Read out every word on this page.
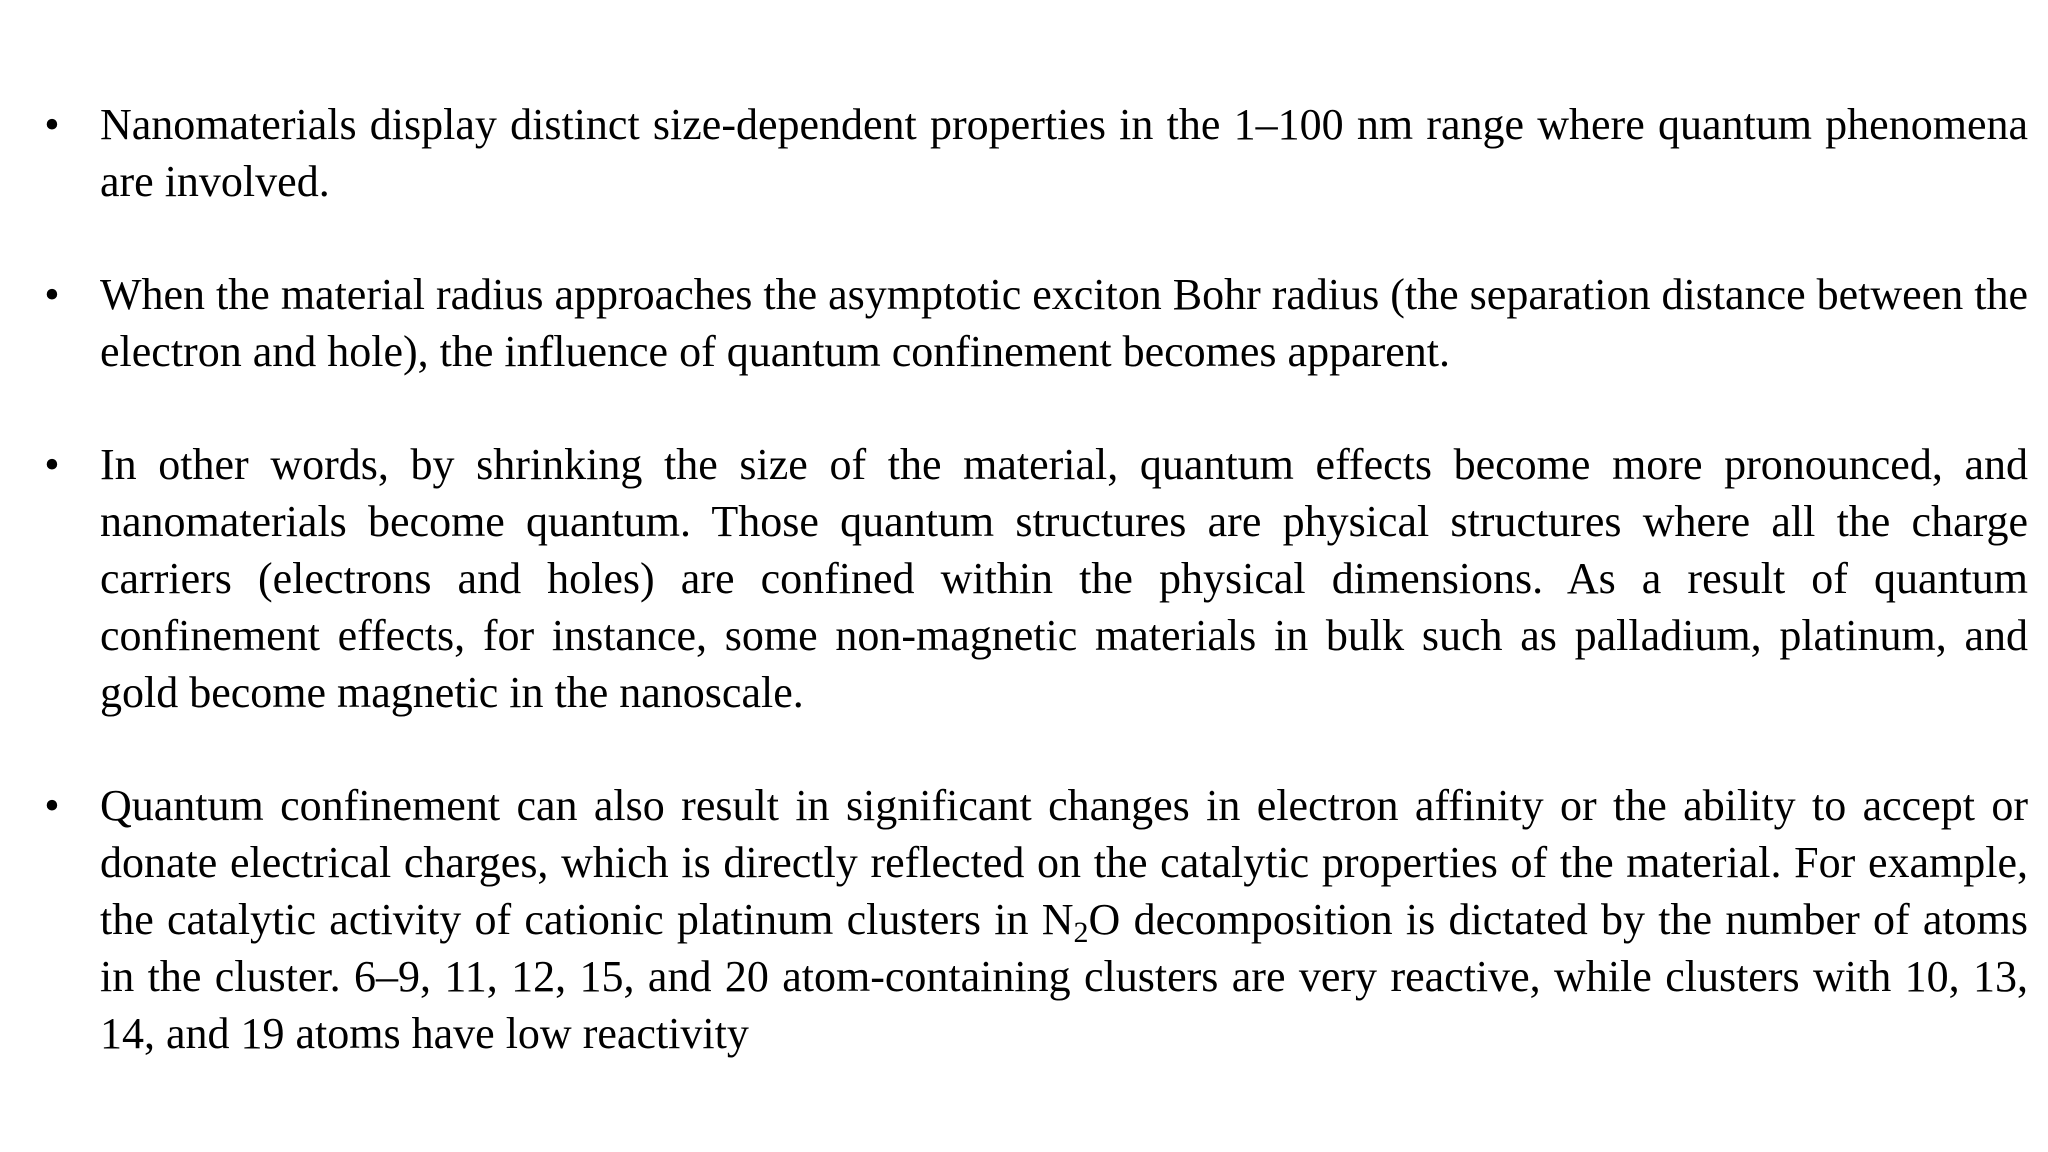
• Nanomaterials display distinct size-dependent properties in the 1–100 nm range where quantum phenomena are involved.
• When the material radius approaches the asymptotic exciton Bohr radius (the separation distance between the electron and hole), the influence of quantum confinement becomes apparent.
• In other words, by shrinking the size of the material, quantum effects become more pronounced, and nanomaterials become quantum. Those quantum structures are physical structures where all the charge carriers (electrons and holes) are confined within the physical dimensions. As a result of quantum confinement effects, for instance, some non-magnetic materials in bulk such as palladium, platinum, and gold become magnetic in the nanoscale.
• Quantum confinement can also result in significant changes in electron affinity or the ability to accept or donate electrical charges, which is directly reflected on the catalytic properties of the material. For example, the catalytic activity of cationic platinum clusters in $N_2O$ decomposition is dictated by the number of atoms in the cluster. 6–9, 11, 12, 15, and 20 atom-containing clusters are very reactive, while clusters with 10, 13, 14, and 19 atoms have low reactivity
